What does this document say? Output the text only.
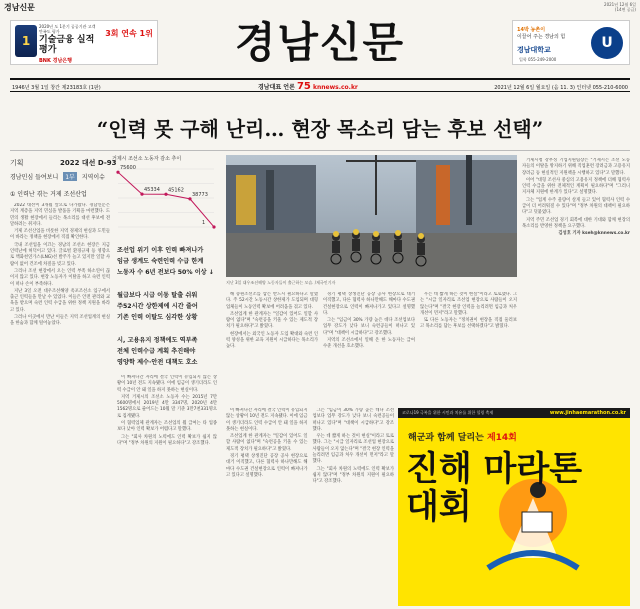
경남신문	2021년 12월 6일
(14면 공급)
1
2020년 도 1분기 공공기관 고객만족도 평가
기술금융 실적평가
3회 연속 1위
BNK 경남은행	경남신문	14박 농촌이
이끌어 주는 경남의 힘
경남대학교	U
입학 055-249-2000
1946년 3월 1일 창간 제23183호 (1판)	경남대표 언론 75 knnews.co.kr	2021년 12월 6일 월요일 (음 11. 3) 인터넷 055-210-6000
“인력 못 구해 난리… 현장 목소리 담는 후보 선택”
기획	2022 대선 D-93
경남민심 들여보니 1부 지역이슈
① 인력난 겪는 거제 조선산업

2022 대선이 3개월 앞으로 다가왔다. 경남신문은 지역 계층을 지역 민심을 발품을 기획을 마련했다. 도민의 생활 현장에서 들리는 목소리를 대선 후보에 전달하려는 취지다.

거제 조선산업을 비롯한 지역 경제의 현실과 도민들이 바라는 정책을 현장에서 직접 확인한다.

국내 조선업을 이끄는 경남의 조선소 현장은 지금 인력난에 허덕이고 있다. 글로벌 환경규제 등 영향으로 액화천연가스(LNG)선 발주가 늘고 있지만 일할 사람이 없어 건조에 차질을 빚고 있다.

그리나 조선 현장에서 오는 인력 부족 하소연이 끊이지 않고 있다. 현장 노동자가 이탈을 하고 숙련 인력이 떠나 손이 부족하다.

지난 3일 오전 대우조선해양 옥포조선소 입구에서 출근 인력들을 만날 수 있었다. 이들은 안전 관리와 교육을 받으며 숙련 인력 수급을 위한 정책 지원을 바라고 있다.

그러나 이곳에서 만난 이들은 지역 조선업계의 현실을 한숨과 함께 털어놓았다.

거제시 조선소 노동자 감소 추이
75600
45334 45162
38773
1
조선업 위기 이후 인력 빠져나가
임금 생계도 숙련인력 수급 한계
노동자 수 6년 전보다 50% 이상 ↓
월급보다 시급 이동 탈출 쉬워
주52시간 상한제에 시간 줄어
기존 인력 이탈도 심각한 상황
시, 고용유지 정책에도 역부족
전체 인력수급 계획 추진해야
영양학 제수·안전 대책도 호소

이 빠져나간 자리에 결국 인력이 유입되지 않는 상황이 10년 전도 지속됐다. 이에 임금이 생기더라도 인력 수급이 안 돼 일을 하지 못하는 현실이다.

지역 거제시의 조선소 노동자 수는 2015년 7만5600명에서 2019년 4만 3347명, 2020년 4만1562명으로 줄어드는 10월 말 기준 3만7천331명으로 집계됐다.

이 협력업체 관계자는 조선업의 월 급여는 타 업종보다 낮아 인력 확보가 어렵다고 말했다.

그는 "회사 차원의 노력에도 인력 확보가 쉽지 않다"며 "정부 차원의 지원이 필요하다"고 강조했다.

지난 3일 대우조선해양 노동자들이 출근하는 모습. /제국인기자

해 증원조선소를 삼는 반드시 필요하다고 말했다. 주 52시간 노동시간 상한제가 도입되며 대형 업체들이 노동인력 확보에 어려움을 겪고 있다.

조선업계 한 관계자는 "일감이 있어도 일할 사람이 없다"며 "숙련공을 키울 수 있는 제도적 장치가 필요하다"고 밝혔다.

현장에서는 외국인 노동자 도입 확대와 숙련 인력 양성을 위한 교육 지원이 시급하다는 목소리가 높다.

경기 평택 상생진단 공장 공사 현장으로 대거 이직했고, 다른 협력사 하나만해도 해마다 수도권 건설현장으로 인력이 빠져나가고 있다고 설명했다.

그는 "임금이 30% 가량 높은 데다 조선업보다 업무 강도가 낮다 보니 숙련공들이 떠나고 있다"며 "대책이 시급하다"고 강조했다.

지역의 조선소에서 일해 온 한 노동자는 급여 수준 개선을 호소했다.

우는 데 짧게 하는 것이 현실"이라고 토로했다. 그는 "시급 일자리로 조선업 현장으로 사람들이 오지 않는다"며 "결국 현장 인력을 늘리려면 임금과 처우 개선이 먼저"라고 말했다.

또 다른 노동자는 "정치권이 현장을 직접 둘러보고 목소리를 담는 후보를 선택하겠다"고 밝혔다.

이 빠져나간 자리에 결국 인력이 유입되지 않는 상황이 10년 전도 지속됐다. 이에 임금이 생기더라도 인력 수급이 안 돼 일을 하지 못하는 현실이다.

조선업계 한 관계자는 "일감이 있어도 일할 사람이 없다"며 "숙련공을 키울 수 있는 제도적 장치가 필요하다"고 밝혔다.

경기 평택 상생진단 공장 공사 현장으로 대거 이직했고, 다른 협력사 하나만해도 해마다 수도권 건설현장으로 인력이 빠져나가고 있다고 설명했다.

그는 "임금이 30% 가량 높은 데다 조선업보다 업무 강도가 낮다 보니 숙련공들이 떠나고 있다"며 "대책이 시급하다"고 강조했다.

우는 데 짧게 하는 것이 현실"이라고 토로했다. 그는 "시급 일자리로 조선업 현장으로 사람들이 오지 않는다"며 "결국 현장 인력을 늘리려면 임금과 처우 개선이 먼저"라고 말했다.

그는 "회사 차원의 노력에도 인력 확보가 쉽지 않다"며 "정부 차원의 지원이 필요하다"고 강조했다.

거제시청 강무성 기업지원팀장은 "거제시는 조선 노동자들의 이탈을 방지하기 위해 직업훈련 장려금과 고용유지 장려금 등 현실적인 지원책을 시행하고 있다"고 말했다.

이어 "대형 조선사 중심의 고용유지 정책에 더해 협력사 인력 수급을 위한 전체적인 계획이 필요하다"며 "그러니 지자체 지원에 한계가 있다"고 설명했다.

그는 "업계 수주 물량이 살게 들고 있어 협력사 인력 수급이 더 어려워질 수 있다"며 "정부 차원의 대책이 필요하다"고 덧붙였다.

지역 주민 조선업 경기 회복에 대한 기대와 함께 현장의 목소리를 반영한 정책을 요구했다.

김성호 기자 kseh@knnews.co.kr

코로나19 극복을 위한 시민과 치유를 위한 힐링 축제	www.jinhaemarathon.co.kr
해군과 함께 달리는 제14회
진해 마라톤 대회
